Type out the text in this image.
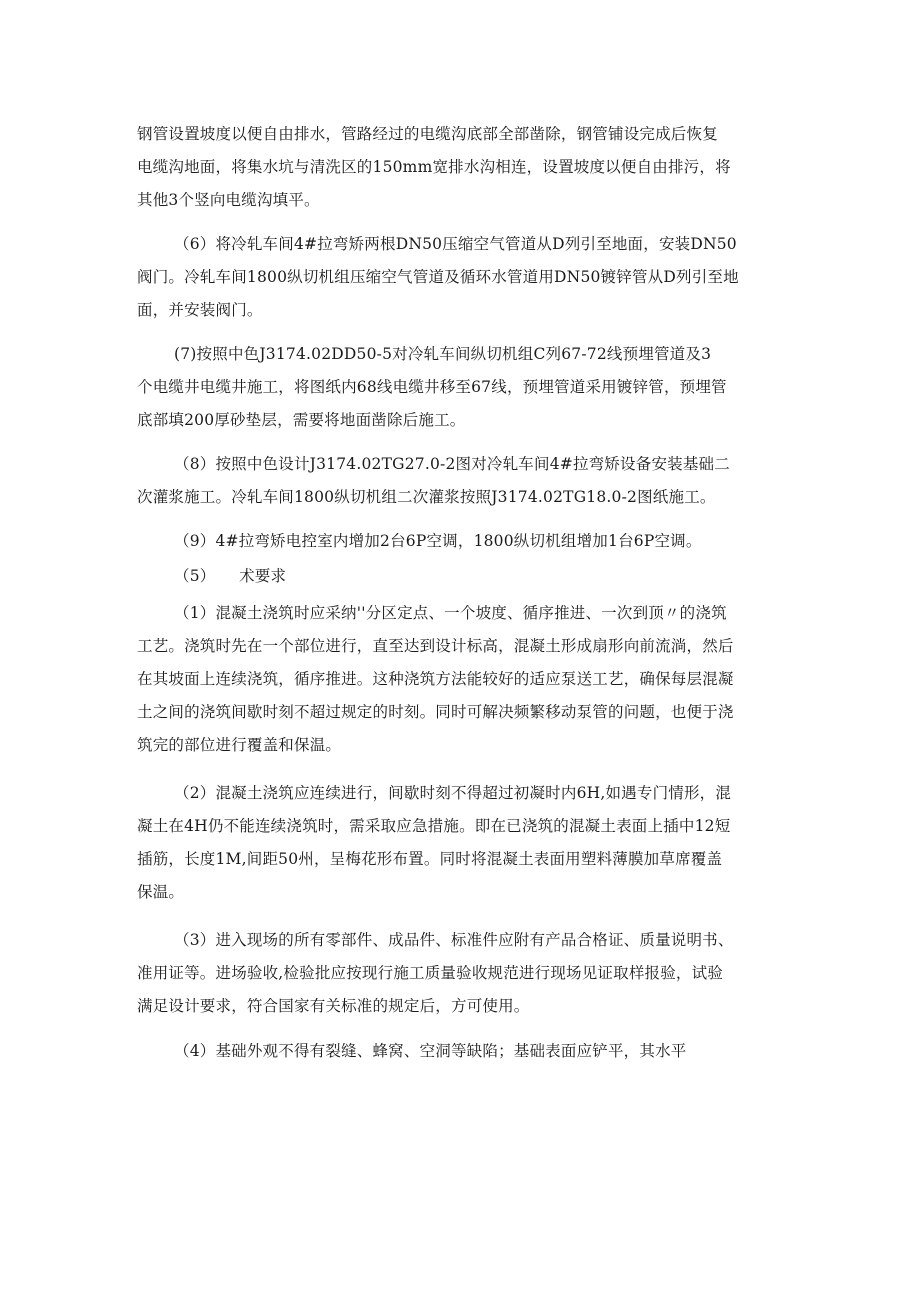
钢管设置坡度以便自由排水，管路经过的电缆沟底部全部凿除，钢管铺设完成后恢复
电缆沟地面，将集水坑与清洗区的150mm宽排水沟相连，设置坡度以便自由排污，将
其他3个竖向电缆沟填平。
（6）将冷轧车间4#拉弯矫两根DN50压缩空气管道从D列引至地面，安装DN50
阀门。冷轧车间1800纵切机组压缩空气管道及循环水管道用DN50镀锌管从D列引至地
面，并安装阀门。
(7)按照中色J3174.02DD50-5对冷轧车间纵切机组C列67-72线预埋管道及3
个电缆井电缆井施工，将图纸内68线电缆井移至67线，预埋管道采用镀锌管，预埋管
底部填200厚砂垫层，需要将地面凿除后施工。
（8）按照中色设计J3174.02TG27.0-2图对冷轧车间4#拉弯矫设备安装基础二
次灌浆施工。冷轧车间1800纵切机组二次灌浆按照J3174.02TG18.0-2图纸施工。
（9）4#拉弯矫电控室内增加2台6P空调，1800纵切机组增加1台6P空调。
（5）　　术要求
（1）混凝土浇筑时应采纳''分区定点、一个坡度、循序推进、一次到顶〃的浇筑
工艺。浇筑时先在一个部位进行，直至达到设计标高，混凝土形成扇形向前流淌，然后
在其坡面上连续浇筑，循序推进。这种浇筑方法能较好的适应泵送工艺，确保每层混凝
土之间的浇筑间歇时刻不超过规定的时刻。同时可解决频繁移动泵管的问题，也便于浇
筑完的部位进行覆盖和保温。
（2）混凝土浇筑应连续进行，间歇时刻不得超过初凝时内6H,如遇专门情形，混
凝土在4H仍不能连续浇筑时，需采取应急措施。即在已浇筑的混凝土表面上插中12短
插筋，长度1M,间距50州，呈梅花形布置。同时将混凝土表面用塑料薄膜加草席覆盖
保温。
（3）进入现场的所有零部件、成品件、标准件应附有产品合格证、质量说明书、
准用证等。进场验收,检验批应按现行施工质量验收规范进行现场见证取样报验，试验
满足设计要求，符合国家有关标准的规定后，方可使用。
（4）基础外观不得有裂缝、蜂窝、空洞等缺陷；基础表面应铲平，其水平
